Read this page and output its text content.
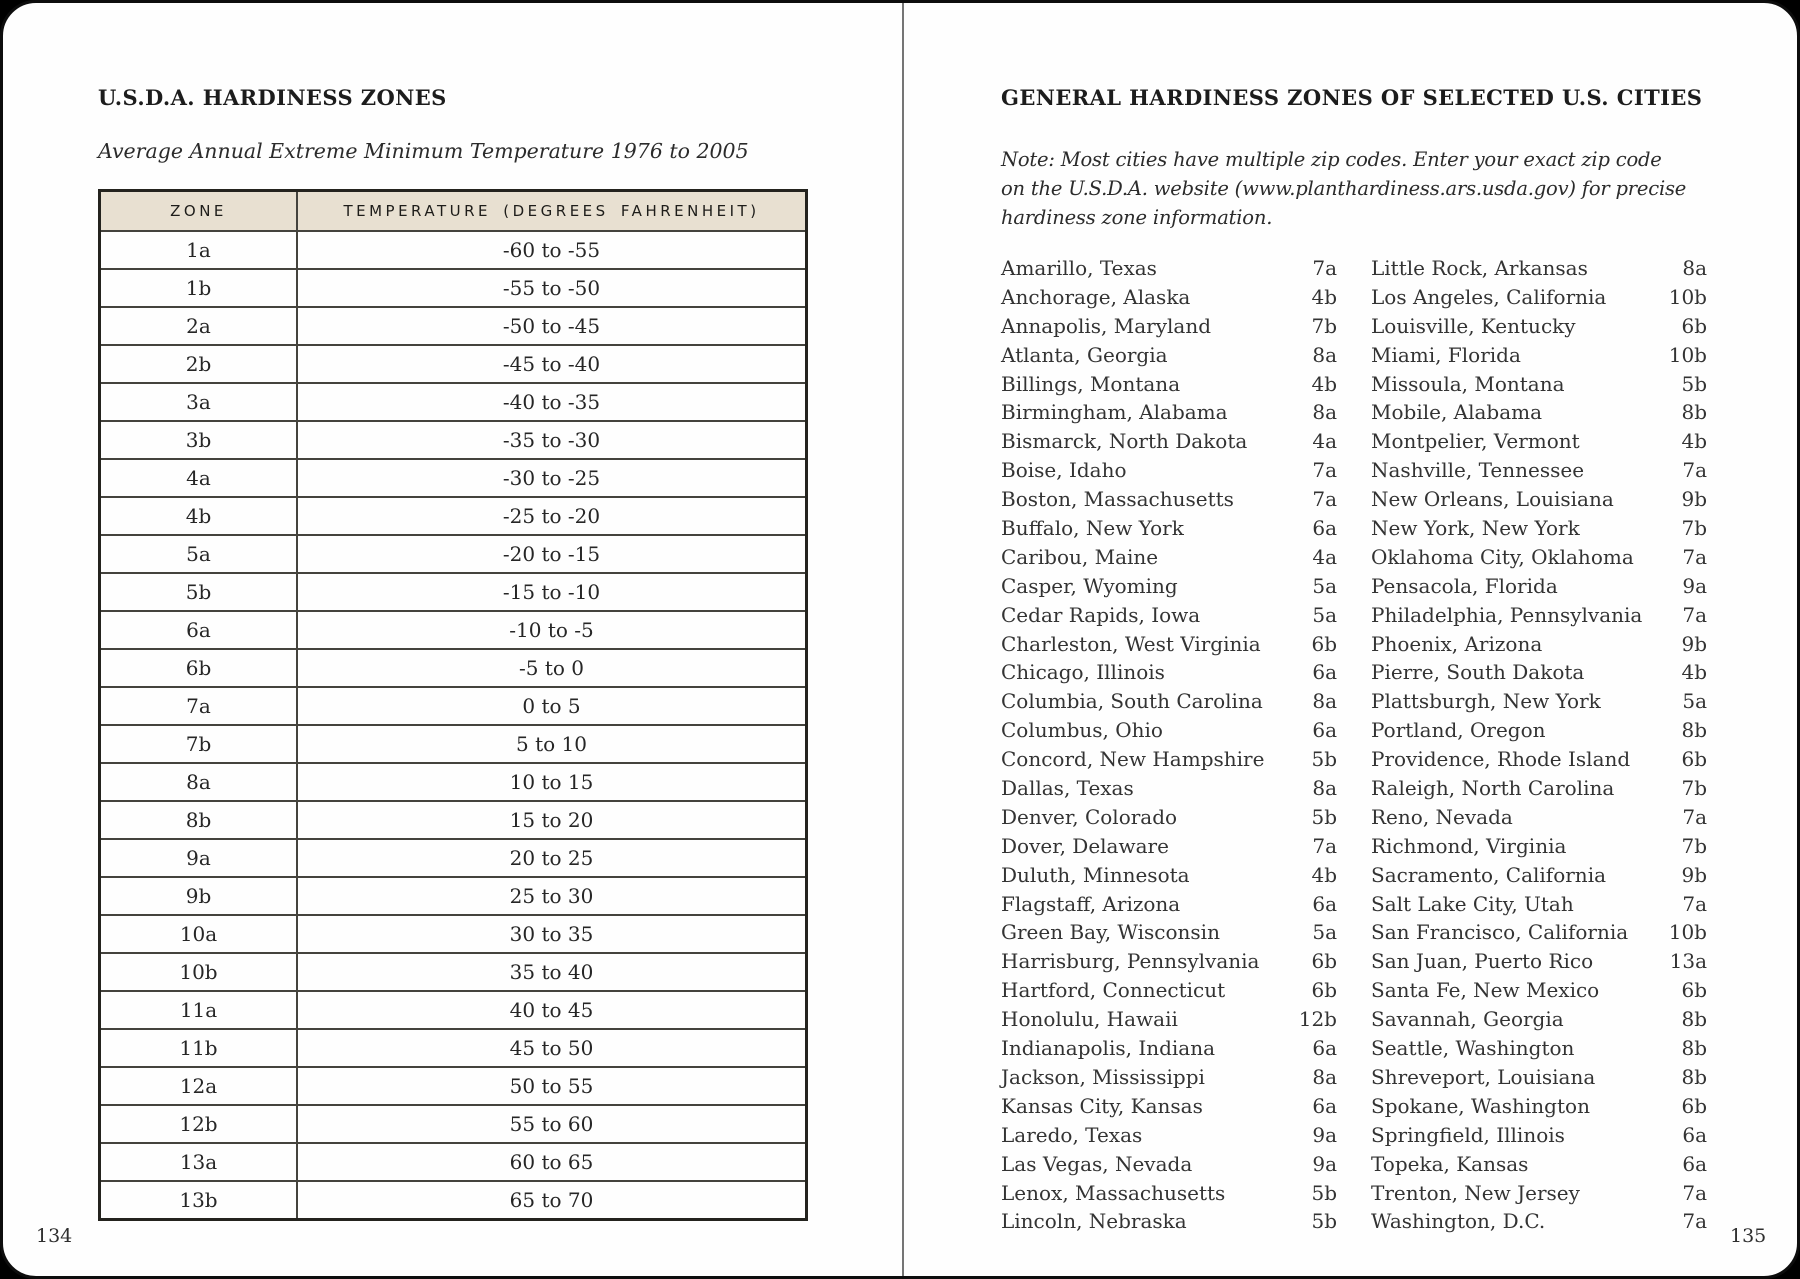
U.S.D.A. HARDINESS ZONES

Average Annual Extreme Minimum Temperature 1976 to 2005

ZONE	TEMPERATURE (DEGREES FAHRENHEIT)
1a	-60 to -55
1b	-55 to -50
2a	-50 to -45
2b	-45 to -40
3a	-40 to -35
3b	-35 to -30
4a	-30 to -25
4b	-25 to -20
5a	-20 to -15
5b	-15 to -10
6a	-10 to -5
6b	-5 to 0
7a	0 to 5
7b	5 to 10
8a	10 to 15
8b	15 to 20
9a	20 to 25
9b	25 to 30
10a	30 to 35
10b	35 to 40
11a	40 to 45
11b	45 to 50
12a	50 to 55
12b	55 to 60
13a	60 to 65
13b	65 to 70
134
GENERAL HARDINESS ZONES OF SELECTED U.S. CITIES
Note: Most cities have multiple zip codes. Enter your exact zip code
on the U.S.D.A. website (www.planthardiness.ars.usda.gov) for precise
hardiness zone information.
Amarillo, Texas	7a
Anchorage, Alaska	4b
Annapolis, Maryland	7b
Atlanta, Georgia	8a
Billings, Montana	4b
Birmingham, Alabama	8a
Bismarck, North Dakota	4a
Boise, Idaho	7a
Boston, Massachusetts	7a
Buffalo, New York	6a
Caribou, Maine	4a
Casper, Wyoming	5a
Cedar Rapids, Iowa	5a
Charleston, West Virginia	6b
Chicago, Illinois	6a
Columbia, South Carolina 8a
Columbus, Ohio	6a
Concord, New Hampshire 5b
Dallas, Texas	8a
Denver, Colorado	5b
Dover, Delaware	7a
Duluth, Minnesota	4b
Flagstaff, Arizona	6a
Green Bay, Wisconsin	5a
Harrisburg, Pennsylvania	6b
Hartford, Connecticut	6b
Honolulu, Hawaii	12b
Indianapolis, Indiana	6a
Jackson, Mississippi	8a
Kansas City, Kansas	6a
Laredo, Texas	9a
Las Vegas, Nevada	9a
Lenox, Massachusetts	5b
Lincoln, Nebraska	5b
Little Rock, Arkansas	8a
Los Angeles, California	10b
Louisville, Kentucky	6b
Miami, Florida	10b
Missoula, Montana	5b
Mobile, Alabama	8b
Montpelier, Vermont	4b
Nashville, Tennessee	7a
New Orleans, Louisiana	9b
New York, New York	7b
Oklahoma City, Oklahoma 7a
Pensacola, Florida	9a
Philadelphia, Pennsylvania 7a
Phoenix, Arizona	9b
Pierre, South Dakota	4b
Plattsburgh, New York	5a
Portland, Oregon	8b
Providence, Rhode Island	6b
Raleigh, North Carolina	7b
Reno, Nevada	7a
Richmond, Virginia	7b
Sacramento, California	9b
Salt Lake City, Utah	7a
San Francisco, California 10b
San Juan, Puerto Rico	13a
Santa Fe, New Mexico	6b
Savannah, Georgia	8b
Seattle, Washington	8b
Shreveport, Louisiana	8b
Spokane, Washington	6b
Springfield, Illinois	6a
Topeka, Kansas	6a
Trenton, New Jersey	7a
Washington, D.C.	7a
135
